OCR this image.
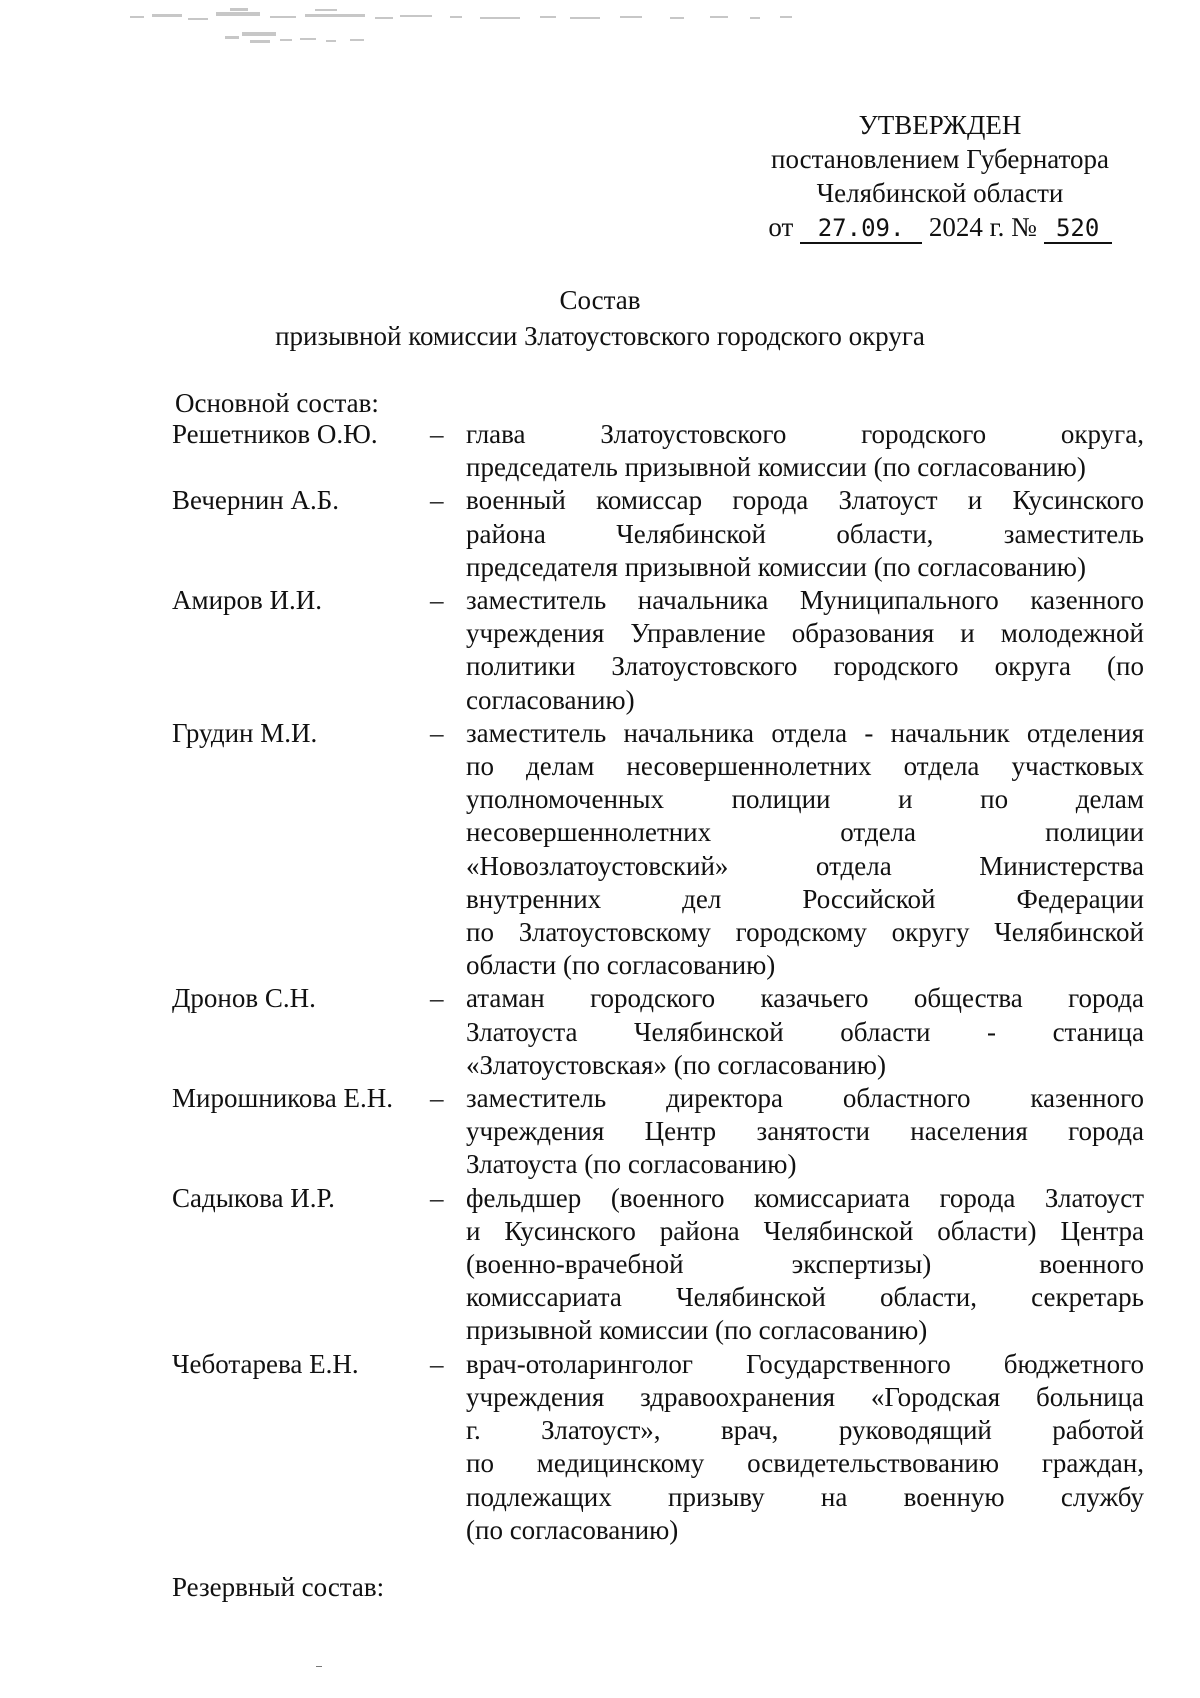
УТВЕРЖДЕН
постановлением Губернатора
Челябинской области
от 27.09. 2024 г. № 520
Состав
призывной комиссии Златоустовского городского округа
Основной состав:
Решетников О.Ю.	– глава Златоустовского городского округа,
председатель призывной комиссии (по согласованию)
Вечернин А.Б.	– военный комиссар города Златоуст и Кусинского
района Челябинской области, заместитель
председателя призывной комиссии (по согласованию)
Амиров И.И.	– заместитель начальника Муниципального казенного
учреждения Управление образования и молодежной
политики Златоустовского городского округа (по
согласованию)
Грудин М.И.	– заместитель начальника отдела - начальник отделения
по делам несовершеннолетних отдела участковых
уполномоченных полиции и по делам
несовершеннолетних отдела полиции
«Новозлатоустовский» отдела Министерства
внутренних дел Российской Федерации
по Златоустовскому городскому округу Челябинской
области (по согласованию)
Дронов С.Н.	– атаман городского казачьего общества города
Златоуста Челябинской области - станица
«Златоустовская» (по согласованию)
Мирошникова Е.Н.	– заместитель директора областного казенного
учреждения Центр занятости населения города
Златоуста (по согласованию)
Садыкова И.Р.	– фельдшер (военного комиссариата города Златоуст
и Кусинского района Челябинской области) Центра
(военно-врачебной экспертизы) военного
комиссариата Челябинской области, секретарь
призывной комиссии (по согласованию)
Чеботарева Е.Н.	– врач-отоларинголог Государственного бюджетного
учреждения здравоохранения «Городская больница
г. Златоуст», врач, руководящий работой
по медицинскому освидетельствованию граждан,
подлежащих призыву на военную службу
(по согласованию)
Резервный состав:
